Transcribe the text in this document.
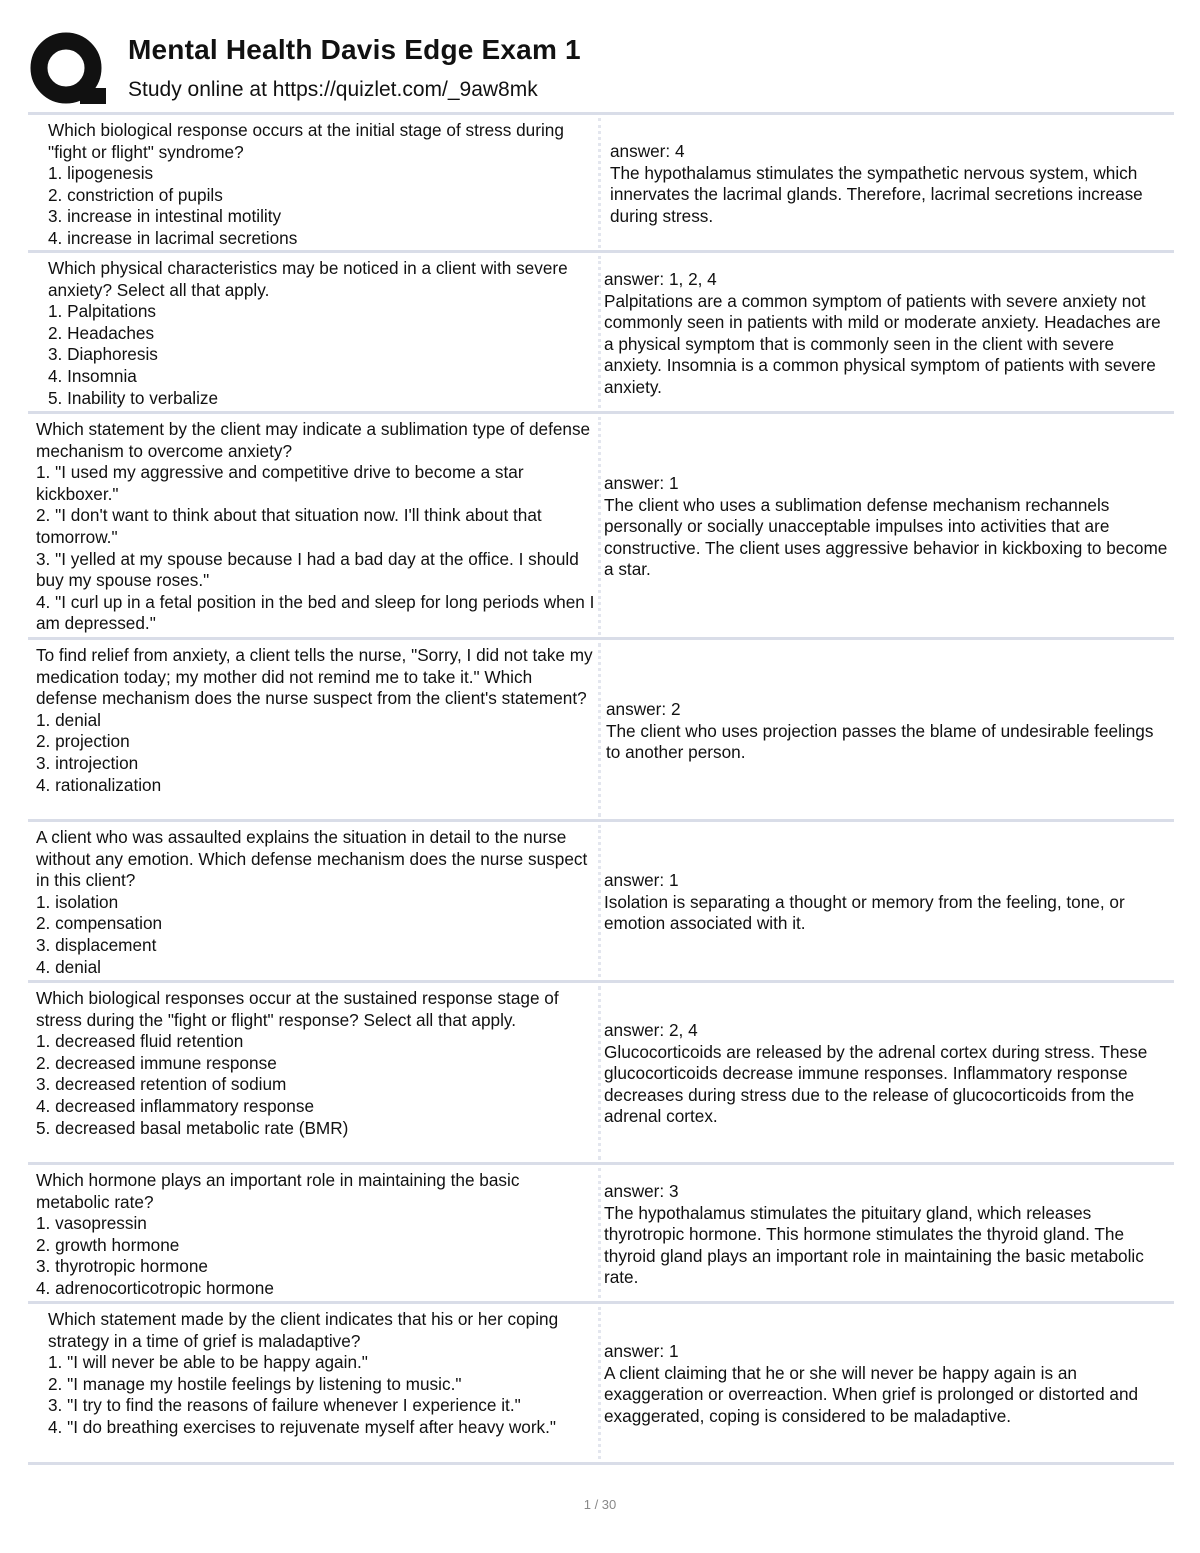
Mental Health Davis Edge Exam 1
Study online at https://quizlet.com/_9aw8mk
Which biological response occurs at the initial stage of stress during "fight or flight" syndrome?
1. lipogenesis
2. constriction of pupils
3. increase in intestinal motility
4. increase in lacrimal secretions
answer: 4
The hypothalamus stimulates the sympathetic nervous system, which innervates the lacrimal glands. Therefore, lacrimal secretions increase during stress.
Which physical characteristics may be noticed in a client with severe anxiety? Select all that apply.
1. Palpitations
2. Headaches
3. Diaphoresis
4. Insomnia
5. Inability to verbalize
answer: 1, 2, 4
Palpitations are a common symptom of patients with severe anxiety not commonly seen in patients with mild or moderate anxiety. Headaches are a physical symptom that is commonly seen in the client with severe anxiety. Insomnia is a common physical symptom of patients with severe anxiety.
Which statement by the client may indicate a sublimation type of defense mechanism to overcome anxiety?
1. "I used my aggressive and competitive drive to become a star kickboxer."
2. "I don't want to think about that situation now. I'll think about that tomorrow."
3. "I yelled at my spouse because I had a bad day at the office. I should buy my spouse roses."
4. "I curl up in a fetal position in the bed and sleep for long periods when I am depressed."
answer: 1
The client who uses a sublimation defense mechanism rechannels personally or socially unacceptable impulses into activities that are constructive. The client uses aggressive behavior in kickboxing to become a star.
To find relief from anxiety, a client tells the nurse, "Sorry, I did not take my medication today; my mother did not remind me to take it." Which defense mechanism does the nurse suspect from the client's statement?
1. denial
2. projection
3. introjection
4. rationalization
answer: 2
The client who uses projection passes the blame of undesirable feelings to another person.
A client who was assaulted explains the situation in detail to the nurse without any emotion. Which defense mechanism does the nurse suspect in this client?
1. isolation
2. compensation
3. displacement
4. denial
answer: 1
Isolation is separating a thought or memory from the feeling, tone, or emotion associated with it.
Which biological responses occur at the sustained response stage of stress during the "fight or flight" response? Select all that apply.
1. decreased fluid retention
2. decreased immune response
3. decreased retention of sodium
4. decreased inflammatory response
5. decreased basal metabolic rate (BMR)
answer: 2, 4
Glucocorticoids are released by the adrenal cortex during stress. These glucocorticoids decrease immune responses. Inflammatory response decreases during stress due to the release of glucocorticoids from the adrenal cortex.
Which hormone plays an important role in maintaining the basic metabolic rate?
1. vasopressin
2. growth hormone
3. thyrotropic hormone
4. adrenocorticotropic hormone
answer: 3
The hypothalamus stimulates the pituitary gland, which releases thyrotropic hormone. This hormone stimulates the thyroid gland. The thyroid gland plays an important role in maintaining the basic metabolic rate.
Which statement made by the client indicates that his or her coping strategy in a time of grief is maladaptive?
1. "I will never be able to be happy again."
2. "I manage my hostile feelings by listening to music."
3. "I try to find the reasons of failure whenever I experience it."
4. "I do breathing exercises to rejuvenate myself after heavy work."
answer: 1
A client claiming that he or she will never be happy again is an exaggeration or overreaction. When grief is prolonged or distorted and exaggerated, coping is considered to be maladaptive.
1 / 30
